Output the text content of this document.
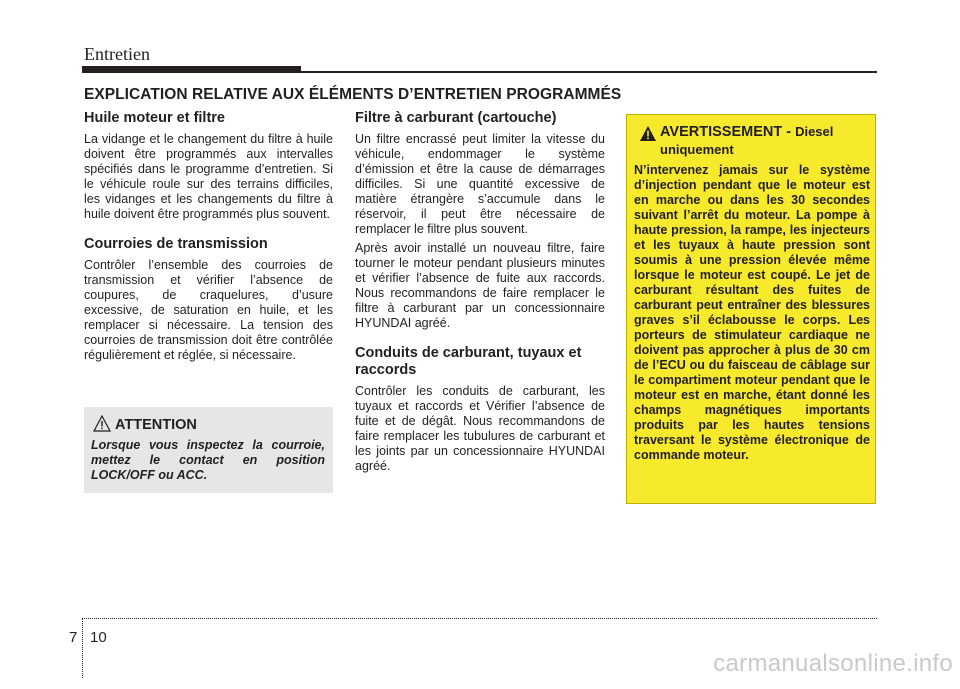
Entretien
EXPLICATION RELATIVE AUX ÉLÉMENTS D’ENTRETIEN PROGRAMMÉS
Huile moteur et filtre

La vidange et le changement du filtre à huile doivent être programmés aux intervalles spécifiés dans le programme d’entretien. Si le véhicule roule sur des terrains difficiles, les vidanges et les changements du filtre à huile doivent être programmés plus souvent.

Courroies de transmission

Contrôler l’ensemble des courroies de transmission et vérifier l’absence de coupures, de craquelures, d’usure excessive, de saturation en huile, et les remplacer si nécessaire. La tension des courroies de transmission doit être contrôlée régulièrement et réglée, si nécessaire.

ATTENTION
Lorsque vous inspectez la courroie, mettez le contact en position LOCK/OFF ou ACC.
Filtre à carburant (cartouche)

Un filtre encrassé peut limiter la vitesse du véhicule, endommager le système d’émission et être la cause de démarrages difficiles. Si une quantité excessive de matière étrangère s’accumule dans le réservoir, il peut être nécessaire de remplacer le filtre plus souvent.

Après avoir installé un nouveau filtre, faire tourner le moteur pendant plusieurs minutes et vérifier l’absence de fuite aux raccords. Nous recommandons de faire remplacer le filtre à carburant par un concessionnaire HYUNDAI agréé.

Conduits de carburant, tuyaux et raccords

Contrôler les conduits de carburant, les tuyaux et raccords et Vérifier l’absence de fuite et de dégât. Nous recommandons de faire remplacer les tubulures de carburant et les joints par un concessionnaire HYUNDAI agréé.

AVERTISSEMENT - Diesel uniquement
N’intervenez jamais sur le système d’injection pendant que le moteur est en marche ou dans les 30 secondes suivant l’arrêt du moteur. La pompe à haute pression, la rampe, les injecteurs et les tuyaux à haute pression sont soumis à une pression élevée même lorsque le moteur est coupé. Le jet de carburant résultant des fuites de carburant peut entraîner des blessures graves s’il éclabousse le corps. Les porteurs de stimulateur cardiaque ne doivent pas approcher à plus de 30 cm de l’ECU ou du faisceau de câblage sur le compartiment moteur pendant que le moteur est en marche, étant donné les champs magnétiques importants produits par les hautes tensions traversant le système électronique de commande moteur.
7 10
carmanualsonline.info
